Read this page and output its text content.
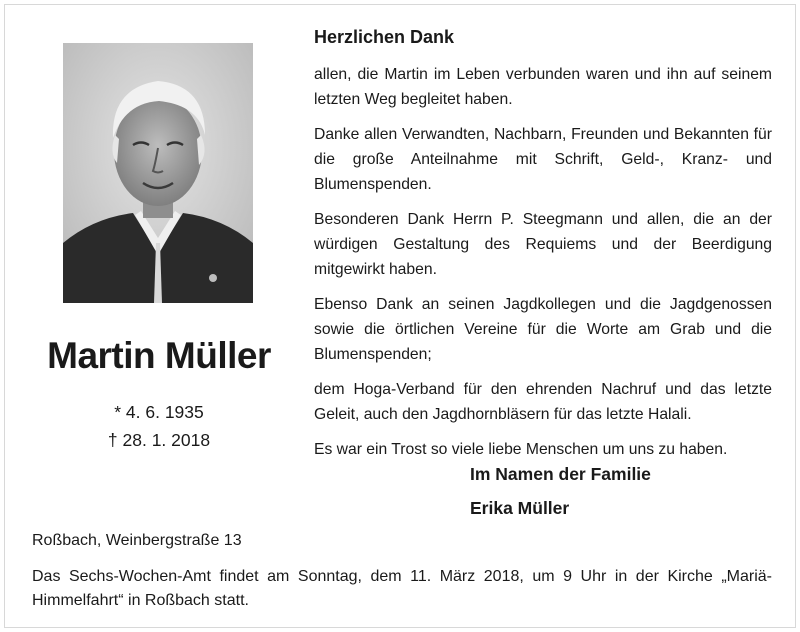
Martin Müller
* 4. 6. 1935
† 28. 1. 2018
Herzlichen Dank

allen, die Martin im Leben verbunden waren und ihn auf seinem letzten Weg begleitet haben.

Danke allen Verwandten, Nachbarn, Freunden und Bekannten für die große Anteilnahme mit Schrift, Geld-, Kranz- und Blumenspenden.

Besonderen Dank Herrn P. Steegmann und allen, die an der würdigen Gestaltung des Requiems und der Beerdigung mitgewirkt haben.

Ebenso Dank an seinen Jagdkollegen und die Jagdgenossen sowie die örtlichen Vereine für die Worte am Grab und die Blumenspenden;

dem Hoga-Verband für den ehrenden Nachruf und das letzte Geleit, auch den Jagdhornbläsern für das letzte Halali.

Es war ein Trost so viele liebe Menschen um uns zu haben.

Im Namen der Familie
Erika Müller
Roßbach, Weinbergstraße 13
Das Sechs-Wochen-Amt findet am Sonntag, dem 11. März 2018, um 9 Uhr in der Kirche „Mariä-Himmelfahrt“ in Roßbach statt.
